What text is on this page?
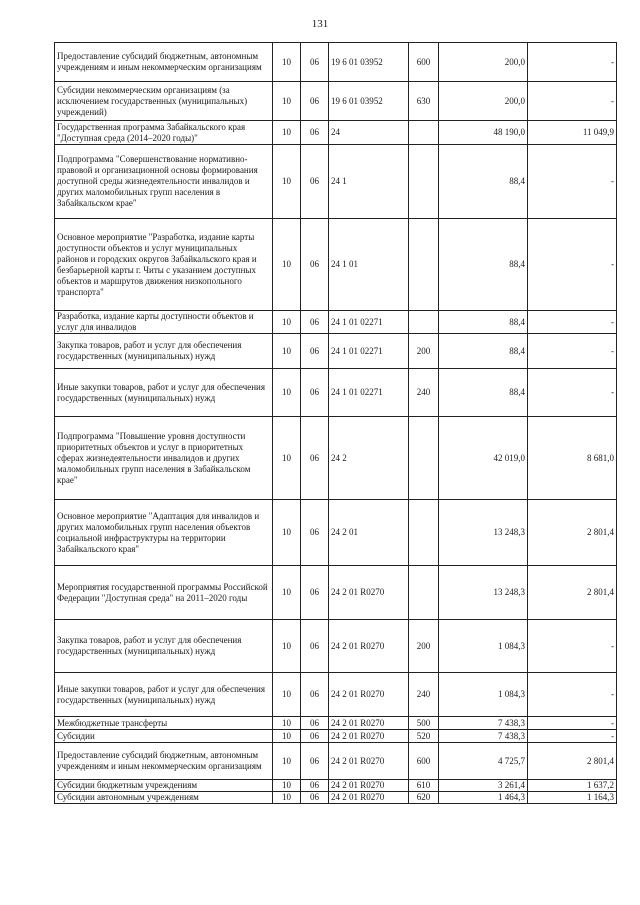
131
Предоставление субсидий бюджетным, автономным учреждениям и иным некоммерческим организациям	10	06	19 6 01 03952	600	200,0	-
Субсидии некоммерческим организациям (за исключением государственных (муниципальных) учреждений)	10	06	19 6 01 03952	630	200,0	-
Государственная программа Забайкальского края "Доступная среда (2014–2020 годы)"	10	06	24		48 190,0	11 049,9
Подпрограмма "Совершенствование нормативно-правовой и организационной основы формирования доступной среды жизнедеятельности инвалидов и других маломобильных групп населения в Забайкальском крае"	10	06	24 1		88,4	-
Основное мероприятие "Разработка, издание карты доступности объектов и услуг муниципальных районов и городских округов Забайкальского края и безбарьерной карты г. Читы с указанием доступных объектов и маршрутов движения низкопольного транспорта"	10	06	24 1 01		88,4	-
Разработка, издание карты доступности объектов и услуг для инвалидов	10	06	24 1 01 02271		88,4	-
Закупка товаров, работ и услуг для обеспечения государственных (муниципальных) нужд	10	06	24 1 01 02271	200	88,4	-
Иные закупки товаров, работ и услуг для обеспечения государственных (муниципальных) нужд	10	06	24 1 01 02271	240	88,4	-
Подпрограмма "Повышение уровня доступности приоритетных объектов и услуг в приоритетных сферах жизнедеятельности инвалидов и других маломобильных групп населения в Забайкальском крае"	10	06	24 2		42 019,0	8 681,0
Основное мероприятие "Адаптация для инвалидов и других маломобильных групп населения объектов социальной инфраструктуры на территории Забайкальского края"	10	06	24 2 01		13 248,3	2 801,4
Мероприятия государственной программы Российской Федерации "Доступная среда" на 2011–2020 годы	10	06	24 2 01 R0270		13 248,3	2 801,4
Закупка товаров, работ и услуг для обеспечения государственных (муниципальных) нужд	10	06	24 2 01 R0270	200	1 084,3	-
Иные закупки товаров, работ и услуг для обеспечения государственных (муниципальных) нужд	10	06	24 2 01 R0270	240	1 084,3	-
Межбюджетные трансферты	10	06	24 2 01 R0270	500	7 438,3	-
Субсидии	10	06	24 2 01 R0270	520	7 438,3	-
Предоставление субсидий бюджетным, автономным учреждениям и иным некоммерческим организациям	10	06	24 2 01 R0270	600	4 725,7	2 801,4
Субсидии бюджетным учреждениям	10	06	24 2 01 R0270	610	3 261,4	1 637,2
Субсидии автономным учреждениям	10	06	24 2 01 R0270	620	1 464,3	1 164,3
